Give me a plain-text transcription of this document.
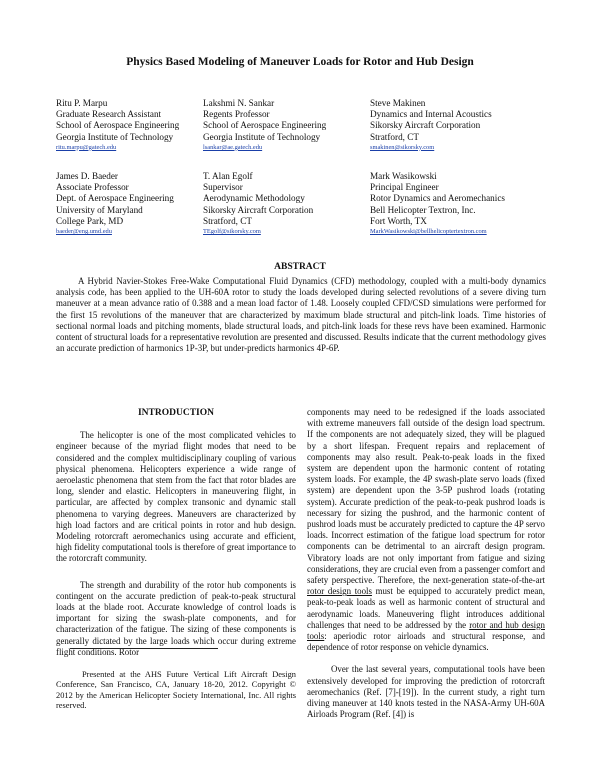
Physics Based Modeling of Maneuver Loads for Rotor and Hub Design
Ritu P. Marpu
Graduate Research Assistant
School of Aerospace Engineering
Georgia Institute of Technology
ritu.marpu@gatech.edu
Lakshmi N. Sankar
Regents Professor
School of Aerospace Engineering
Georgia Institute of Technology
lsankar@ae.gatech.edu
Steve Makinen
Dynamics and Internal Acoustics
Sikorsky Aircraft Corporation
Stratford, CT
smakinen@sikorsky.com
James D. Baeder
Associate Professor
Dept. of Aerospace Engineering
University of Maryland
College Park, MD
baeder@eng.umd.edu
T. Alan Egolf
Supervisor
Aerodynamic Methodology
Sikorsky Aircraft Corporation
Stratford, CT
TEgolf@sikorsky.com
Mark Wasikowski
Principal Engineer
Rotor Dynamics and Aeromechanics
Bell Helicopter Textron, Inc.
Fort Worth, TX
MarkWasikowski@bellhelicoptertextron.com
ABSTRACT
A Hybrid Navier-Stokes Free-Wake Computational Fluid Dynamics (CFD) methodology, coupled with a multi-body dynamics analysis code, has been applied to the UH-60A rotor to study the loads developed during selected revolutions of a severe diving turn maneuver at a mean advance ratio of 0.388 and a mean load factor of 1.48. Loosely coupled CFD/CSD simulations were performed for the first 15 revolutions of the maneuver that are characterized by maximum blade structural and pitch-link loads. Time histories of sectional normal loads and pitching moments, blade structural loads, and pitch-link loads for these revs have been examined. Harmonic content of structural loads for a representative revolution are presented and discussed. Results indicate that the current methodology gives an accurate prediction of harmonics 1P-3P, but under-predicts harmonics 4P-6P.
INTRODUCTION

The helicopter is one of the most complicated vehicles to engineer because of the myriad flight modes that need to be considered and the complex multidisciplinary coupling of various physical phenomena. Helicopters experience a wide range of aeroelastic phenomena that stem from the fact that rotor blades are long, slender and elastic. Helicopters in maneuvering flight, in particular, are affected by complex transonic and dynamic stall phenomena to varying degrees. Maneuvers are characterized by high load factors and are critical points in rotor and hub design. Modeling rotorcraft aeromechanics using accurate and efficient, high fidelity computational tools is therefore of great importance to the rotorcraft community.

The strength and durability of the rotor hub components is contingent on the accurate prediction of peak-to-peak structural loads at the blade root. Accurate knowledge of control loads is important for sizing the swash-plate components, and for characterization of the fatigue. The sizing of these components is generally dictated by the large loads which occur during extreme flight conditions. Rotor

Presented at the AHS Future Vertical Lift Aircraft Design Conference, San Francisco, CA, January 18-20, 2012. Copyright © 2012 by the American Helicopter Society International, Inc. All rights reserved.

components may need to be redesigned if the loads associated with extreme maneuvers fall outside of the design load spectrum. If the components are not adequately sized, they will be plagued by a short lifespan. Frequent repairs and replacement of components may also result. Peak-to-peak loads in the fixed system are dependent upon the harmonic content of rotating system loads. For example, the 4P swash-plate servo loads (fixed system) are dependent upon the 3-5P pushrod loads (rotating system). Accurate prediction of the peak-to-peak pushrod loads is necessary for sizing the pushrod, and the harmonic content of pushrod loads must be accurately predicted to capture the 4P servo loads. Incorrect estimation of the fatigue load spectrum for rotor components can be detrimental to an aircraft design program. Vibratory loads are not only important from fatigue and sizing considerations, they are crucial even from a passenger comfort and safety perspective. Therefore, the next-generation state-of-the-art rotor design tools must be equipped to accurately predict mean, peak-to-peak loads as well as harmonic content of structural and aerodynamic loads. Maneuvering flight introduces additional challenges that need to be addressed by the rotor and hub design tools: aperiodic rotor airloads and structural response, and dependence of rotor response on vehicle dynamics.

Over the last several years, computational tools have been extensively developed for improving the prediction of rotorcraft aeromechanics (Ref. [7]-[19]). In the current study, a right turn diving maneuver at 140 knots tested in the NASA-Army UH-60A Airloads Program (Ref. [4]) is
